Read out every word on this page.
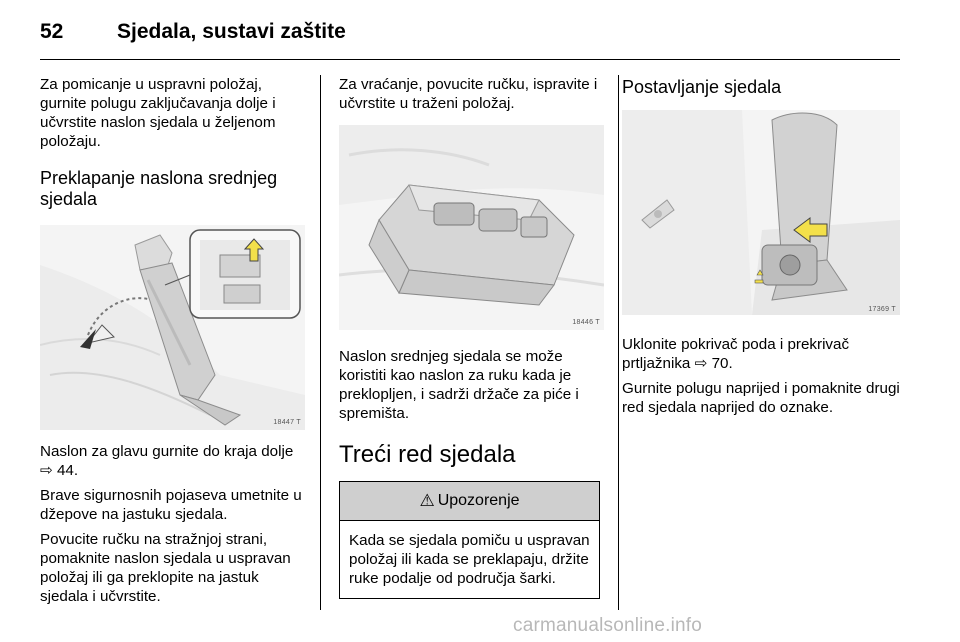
52	Sjedala, sustavi zaštite

Za pomicanje u uspravni položaj, gurnite polugu zaključavanja dolje i učvrstite naslon sjedala u željenom položaju.

Preklapanje naslona srednjeg sjedala
18447 T

Naslon za glavu gurnite do kraja dolje ⇨ 44.

Brave sigurnosnih pojaseva umetnite u džepove na jastuku sjedala.

Povucite ručku na stražnjoj strani, pomaknite naslon sjedala u uspravan položaj ili ga preklopite na jastuk sjedala i učvrstite.

Za vraćanje, povucite ručku, ispravite i učvrstite u traženi položaj.

18446 T

Naslon srednjeg sjedala se može koristiti kao naslon za ruku kada je preklopljen, i sadrži držače za piće i spremišta.

Treći red sjedala
⚠ Upozorenje

Kada se sjedala pomiču u uspravan položaj ili kada se preklapaju, držite ruke podalje od područja šarki.

Postavljanje sjedala
17369 T

Uklonite pokrivač poda i prekrivač prtljažnika ⇨ 70.

Gurnite polugu naprijed i pomaknite drugi red sjedala naprijed do oznake.

carmanualsonline.info
